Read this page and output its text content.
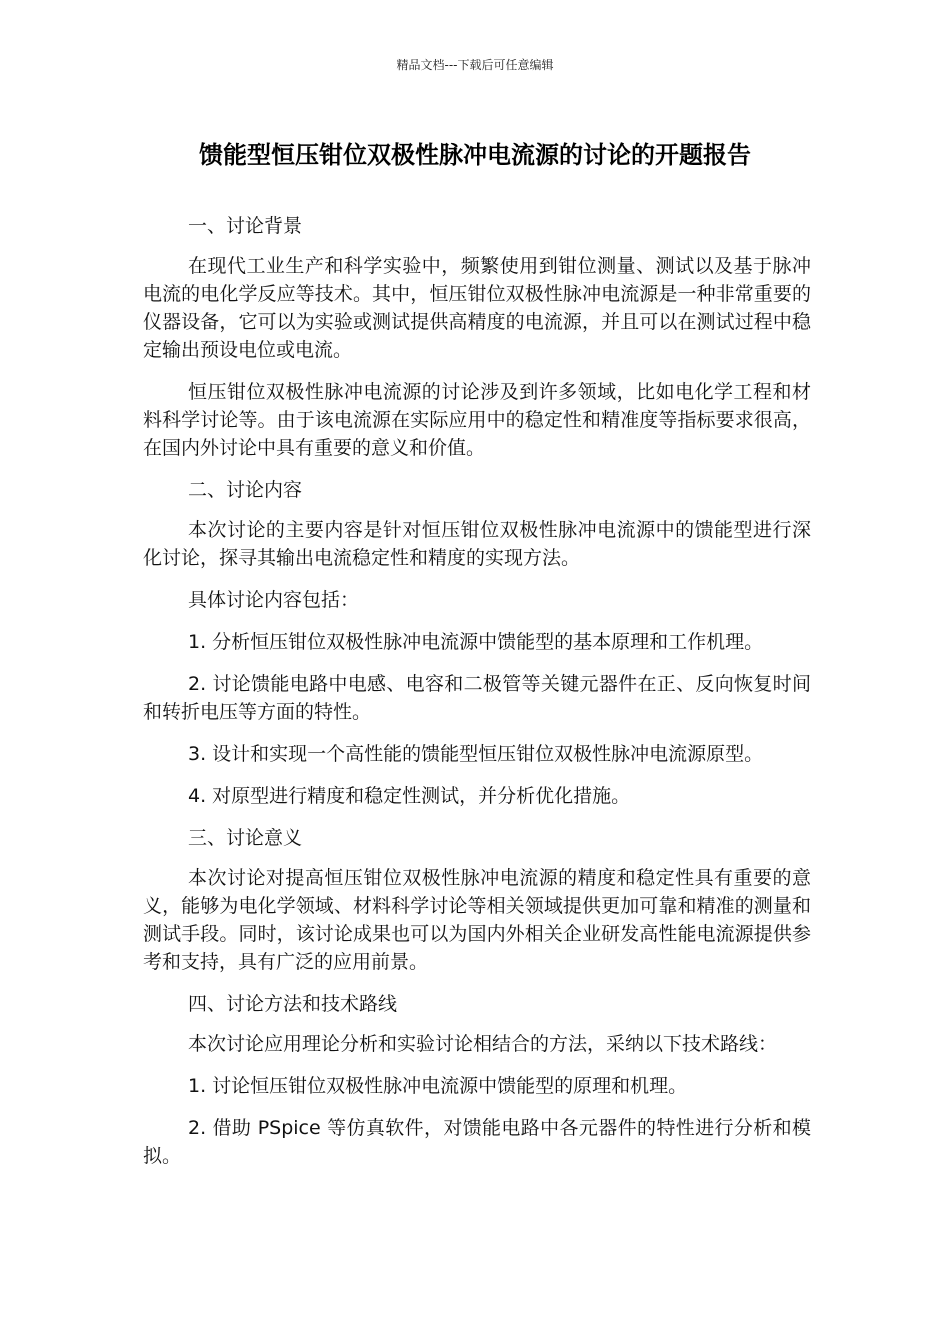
精品文档---下载后可任意编辑
馈能型恒压钳位双极性脉冲电流源的讨论的开题报告

一、讨论背景

在现代工业生产和科学实验中，频繁使用到钳位测量、测试以及基于脉冲电流的电化学反应等技术。其中，恒压钳位双极性脉冲电流源是一种非常重要的仪器设备，它可以为实验或测试提供高精度的电流源，并且可以在测试过程中稳定输出预设电位或电流。

恒压钳位双极性脉冲电流源的讨论涉及到许多领域，比如电化学工程和材料科学讨论等。由于该电流源在实际应用中的稳定性和精准度等指标要求很高，在国内外讨论中具有重要的意义和价值。

二、讨论内容

本次讨论的主要内容是针对恒压钳位双极性脉冲电流源中的馈能型进行深化讨论，探寻其输出电流稳定性和精度的实现方法。

具体讨论内容包括：

1. 分析恒压钳位双极性脉冲电流源中馈能型的基本原理和工作机理。

2. 讨论馈能电路中电感、电容和二极管等关键元器件在正、反向恢复时间和转折电压等方面的特性。

3. 设计和实现一个高性能的馈能型恒压钳位双极性脉冲电流源原型。

4. 对原型进行精度和稳定性测试，并分析优化措施。

三、讨论意义

本次讨论对提高恒压钳位双极性脉冲电流源的精度和稳定性具有重要的意义，能够为电化学领域、材料科学讨论等相关领域提供更加可靠和精准的测量和测试手段。同时，该讨论成果也可以为国内外相关企业研发高性能电流源提供参考和支持，具有广泛的应用前景。

四、讨论方法和技术路线

本次讨论应用理论分析和实验讨论相结合的方法，采纳以下技术路线：

1. 讨论恒压钳位双极性脉冲电流源中馈能型的原理和机理。

2. 借助 PSpice 等仿真软件，对馈能电路中各元器件的特性进行分析和模拟。
